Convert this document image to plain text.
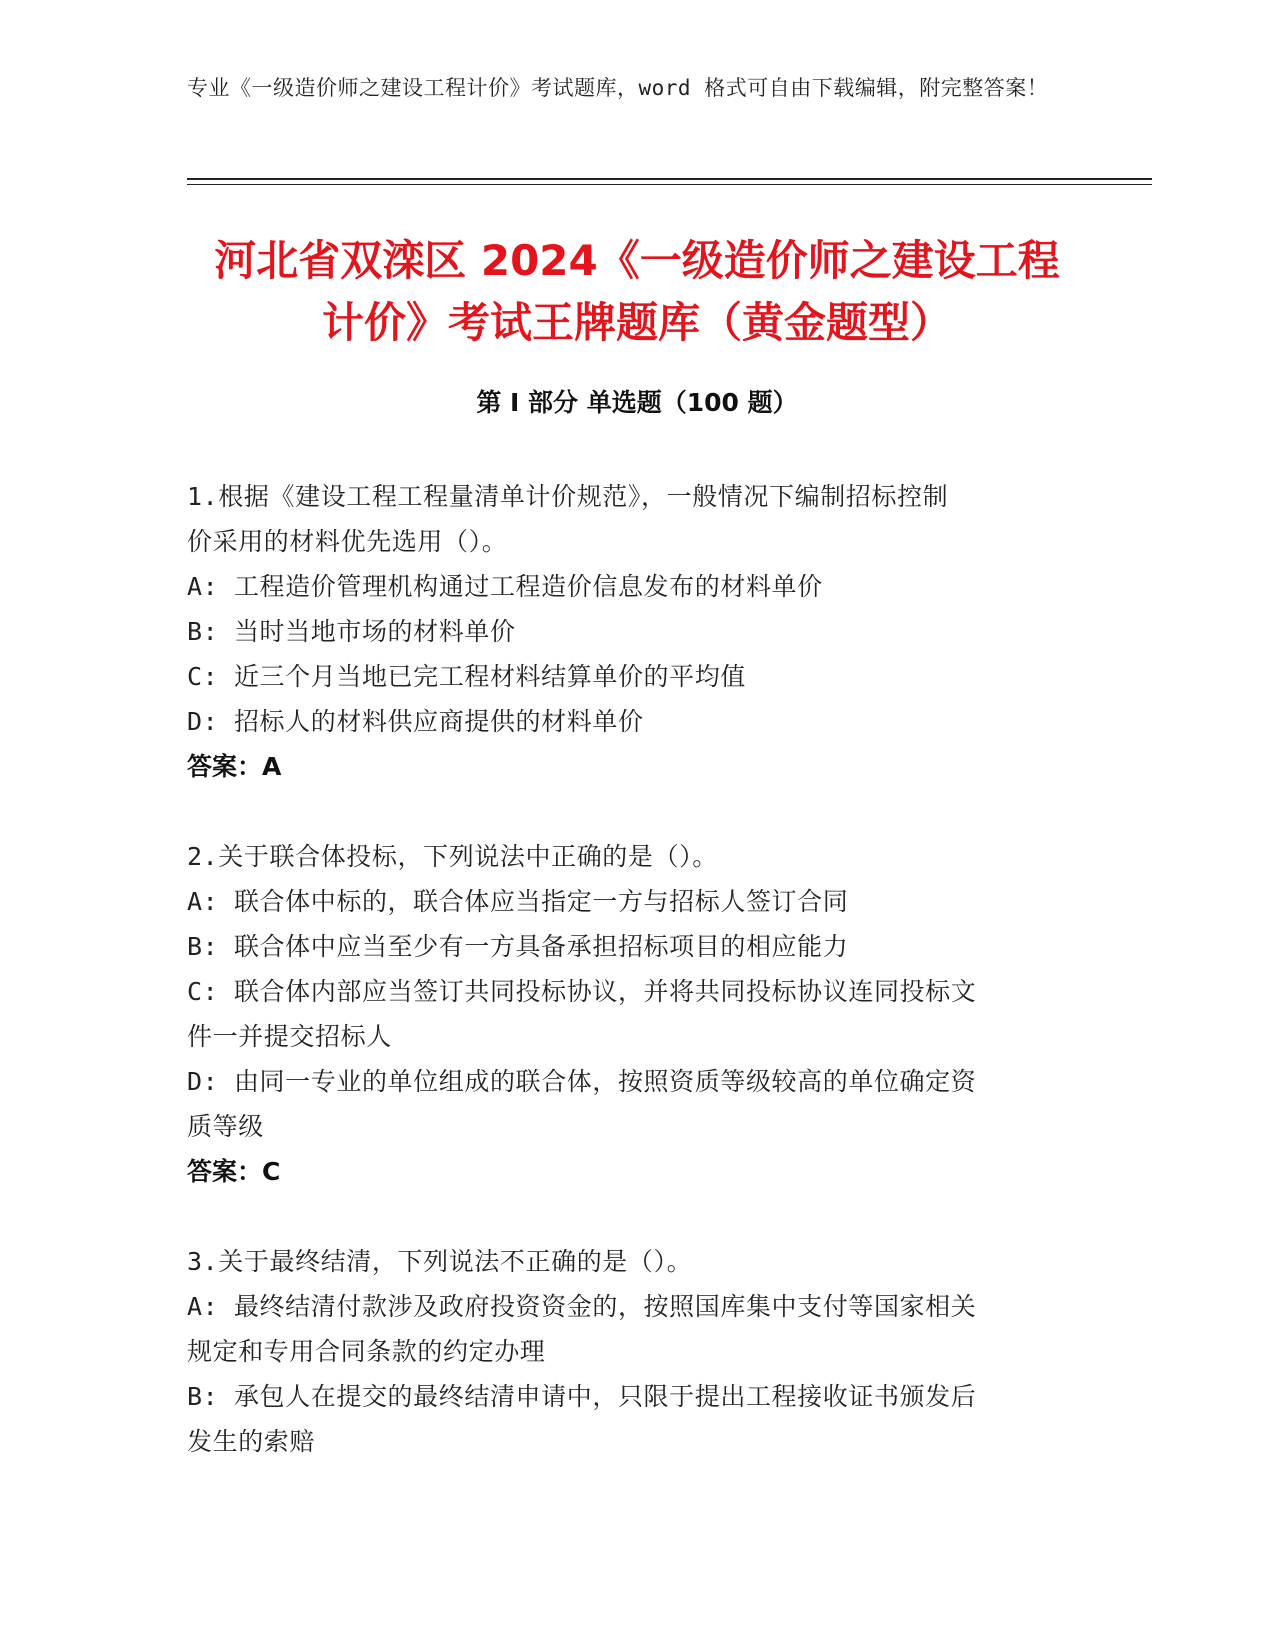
专业《一级造价师之建设工程计价》考试题库，word 格式可自由下载编辑，附完整答案！
河北省双滦区 2024《一级造价师之建设工程
计价》考试王牌题库（黄金题型）
第 I 部分 单选题（100 题）
1.根据《建设工程工程量清单计价规范》，一般情况下编制招标控制
价采用的材料优先选用（）。
A: 工程造价管理机构通过工程造价信息发布的材料单价
B: 当时当地市场的材料单价
C: 近三个月当地已完工程材料结算单价的平均值
D: 招标人的材料供应商提供的材料单价
答案：A
2.关于联合体投标，下列说法中正确的是（）。
A: 联合体中标的，联合体应当指定一方与招标人签订合同
B: 联合体中应当至少有一方具备承担招标项目的相应能力
C: 联合体内部应当签订共同投标协议，并将共同投标协议连同投标文
件一并提交招标人
D: 由同一专业的单位组成的联合体，按照资质等级较高的单位确定资
质等级
答案：C
3.关于最终结清，下列说法不正确的是（）。
A: 最终结清付款涉及政府投资资金的，按照国库集中支付等国家相关
规定和专用合同条款的约定办理
B: 承包人在提交的最终结清申请中，只限于提出工程接收证书颁发后
发生的索赔
